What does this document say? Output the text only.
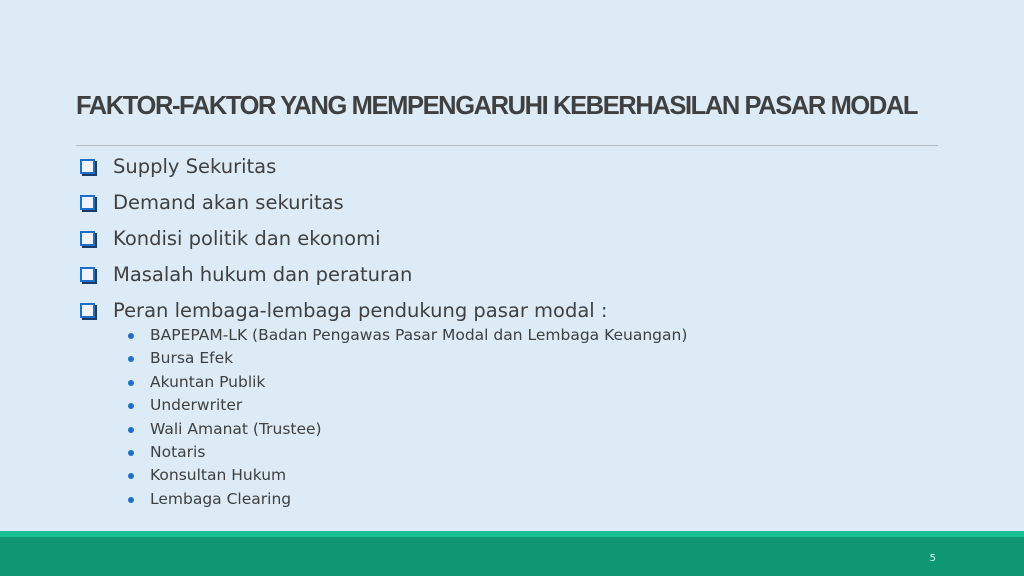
FAKTOR-FAKTOR YANG MEMPENGARUHI KEBERHASILAN PASAR MODAL
Supply Sekuritas
Demand akan sekuritas
Kondisi politik dan ekonomi
Masalah hukum dan peraturan
Peran lembaga-lembaga pendukung pasar modal :
BAPEPAM-LK (Badan Pengawas Pasar Modal dan Lembaga Keuangan)
Bursa Efek
Akuntan Publik
Underwriter
Wali Amanat (Trustee)
Notaris
Konsultan Hukum
Lembaga Clearing
5
